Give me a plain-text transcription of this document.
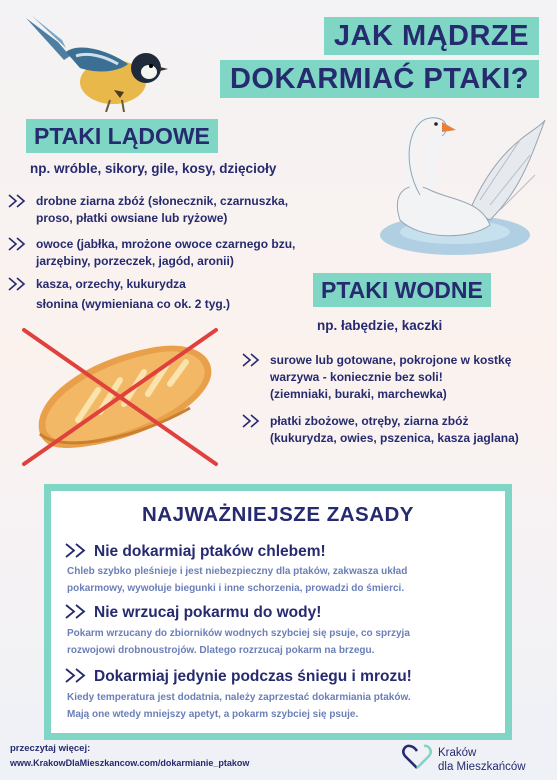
JAK MĄDRZE
DOKARMIAĆ PTAKI?
PTAKI LĄDOWE
np. wróble, sikory, gile, kosy, dzięcioły
drobne ziarna zbóż (słonecznik, czarnuszka,
proso, płatki owsiane lub ryżowe)
owoce (jabłka, mrożone owoce czarnego bzu,
jarzębiny, porzeczek, jagód, aronii)
kasza, orzechy, kukurydza
słonina (wymieniana co ok. 2 tyg.)
PTAKI WODNE
np. łabędzie, kaczki
surowe lub gotowane, pokrojone w kostkę
warzywa - koniecznie bez soli!
(ziemniaki, buraki, marchewka)
płatki zbożowe, otręby, ziarna zbóż
(kukurydza, owies, pszenica, kasza jaglana)
NAJWAŻNIEJSZE ZASADY
Nie dokarmiaj ptaków chlebem!
Chleb szybko pleśnieje i jest niebezpieczny dla ptaków, zakwasza układ
pokarmowy, wywołuje biegunki i inne schorzenia, prowadzi do śmierci.
Nie wrzucaj pokarmu do wody!
Pokarm wrzucany do zbiorników wodnych szybciej się psuje, co sprzyja
rozwojowi drobnoustrojów. Dlatego rozrzucaj pokarm na brzegu.
Dokarmiaj jedynie podczas śniegu i mrozu!
Kiedy temperatura jest dodatnia, należy zaprzestać dokarmiania ptaków.
Mają one wtedy mniejszy apetyt, a pokarm szybciej się psuje.
przeczytaj więcej:
www.KrakowDlaMieszkancow.com/dokarmianie_ptakow
Kraków
dla Mieszkańców
